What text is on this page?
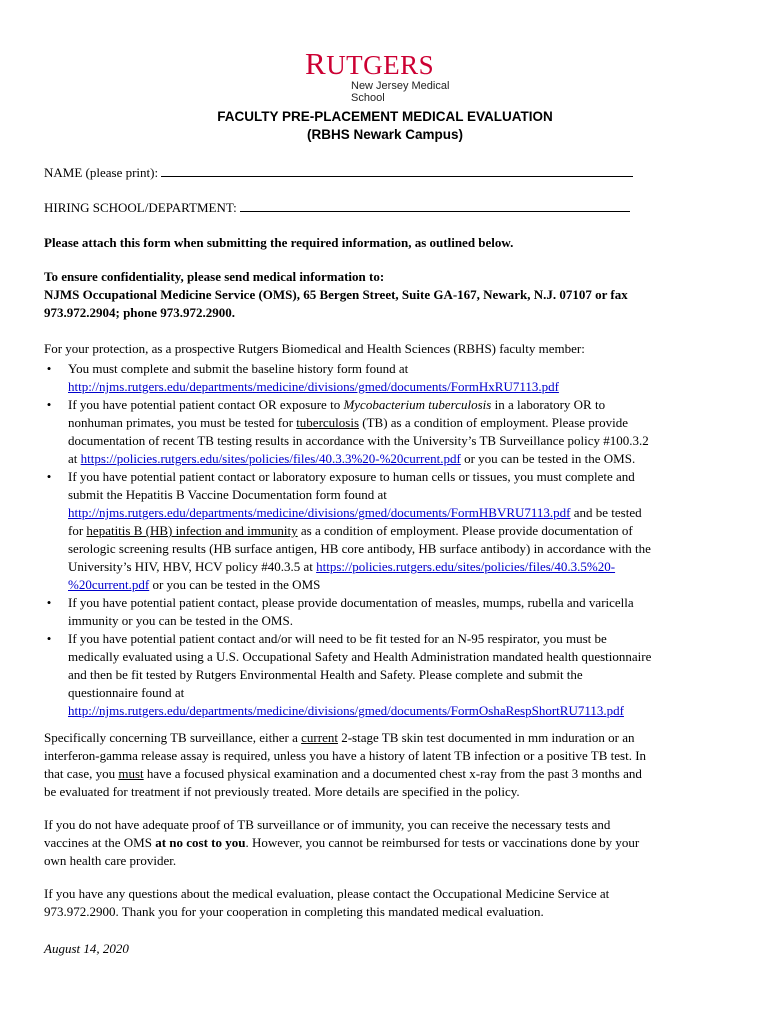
RUTGERS
New Jersey Medical School
FACULTY PRE-PLACEMENT MEDICAL EVALUATION
(RBHS Newark Campus)
NAME (please print):
HIRING SCHOOL/DEPARTMENT:
Please attach this form when submitting the required information, as outlined below.
To ensure confidentiality, please send medical information to:
NJMS Occupational Medicine Service (OMS), 65 Bergen Street, Suite GA-167, Newark, N.J. 07107 or fax
973.972.2904; phone 973.972.2900.
For your protection, as a prospective Rutgers Biomedical and Health Sciences (RBHS) faculty member:
• You must complete and submit the baseline history form found at
http://njms.rutgers.edu/departments/medicine/divisions/gmed/documents/FormHxRU7113.pdf
• If you have potential patient contact OR exposure to Mycobacterium tuberculosis in a laboratory OR to
nonhuman primates, you must be tested for tuberculosis (TB) as a condition of employment. Please provide
documentation of recent TB testing results in accordance with the University’s TB Surveillance policy #100.3.2
at https://policies.rutgers.edu/sites/policies/files/40.3.3%20-%20current.pdf or you can be tested in the OMS.
• If you have potential patient contact or laboratory exposure to human cells or tissues, you must complete and
submit the Hepatitis B Vaccine Documentation form found at
http://njms.rutgers.edu/departments/medicine/divisions/gmed/documents/FormHBVRU7113.pdf and be tested
for hepatitis B (HB) infection and immunity as a condition of employment. Please provide documentation of
serologic screening results (HB surface antigen, HB core antibody, HB surface antibody) in accordance with the
University’s HIV, HBV, HCV policy #40.3.5 at https://policies.rutgers.edu/sites/policies/files/40.3.5%20-
%20current.pdf or you can be tested in the OMS
• If you have potential patient contact, please provide documentation of measles, mumps, rubella and varicella
immunity or you can be tested in the OMS.
• If you have potential patient contact and/or will need to be fit tested for an N-95 respirator, you must be
medically evaluated using a U.S. Occupational Safety and Health Administration mandated health questionnaire
and then be fit tested by Rutgers Environmental Health and Safety. Please complete and submit the
questionnaire found at
http://njms.rutgers.edu/departments/medicine/divisions/gmed/documents/FormOshaRespShortRU7113.pdf
Specifically concerning TB surveillance, either a current 2-stage TB skin test documented in mm induration or an
interferon-gamma release assay is required, unless you have a history of latent TB infection or a positive TB test. In
that case, you must have a focused physical examination and a documented chest x-ray from the past 3 months and
be evaluated for treatment if not previously treated. More details are specified in the policy.
If you do not have adequate proof of TB surveillance or of immunity, you can receive the necessary tests and
vaccines at the OMS at no cost to you. However, you cannot be reimbursed for tests or vaccinations done by your
own health care provider.
If you have any questions about the medical evaluation, please contact the Occupational Medicine Service at
973.972.2900. Thank you for your cooperation in completing this mandated medical evaluation.
August 14, 2020
